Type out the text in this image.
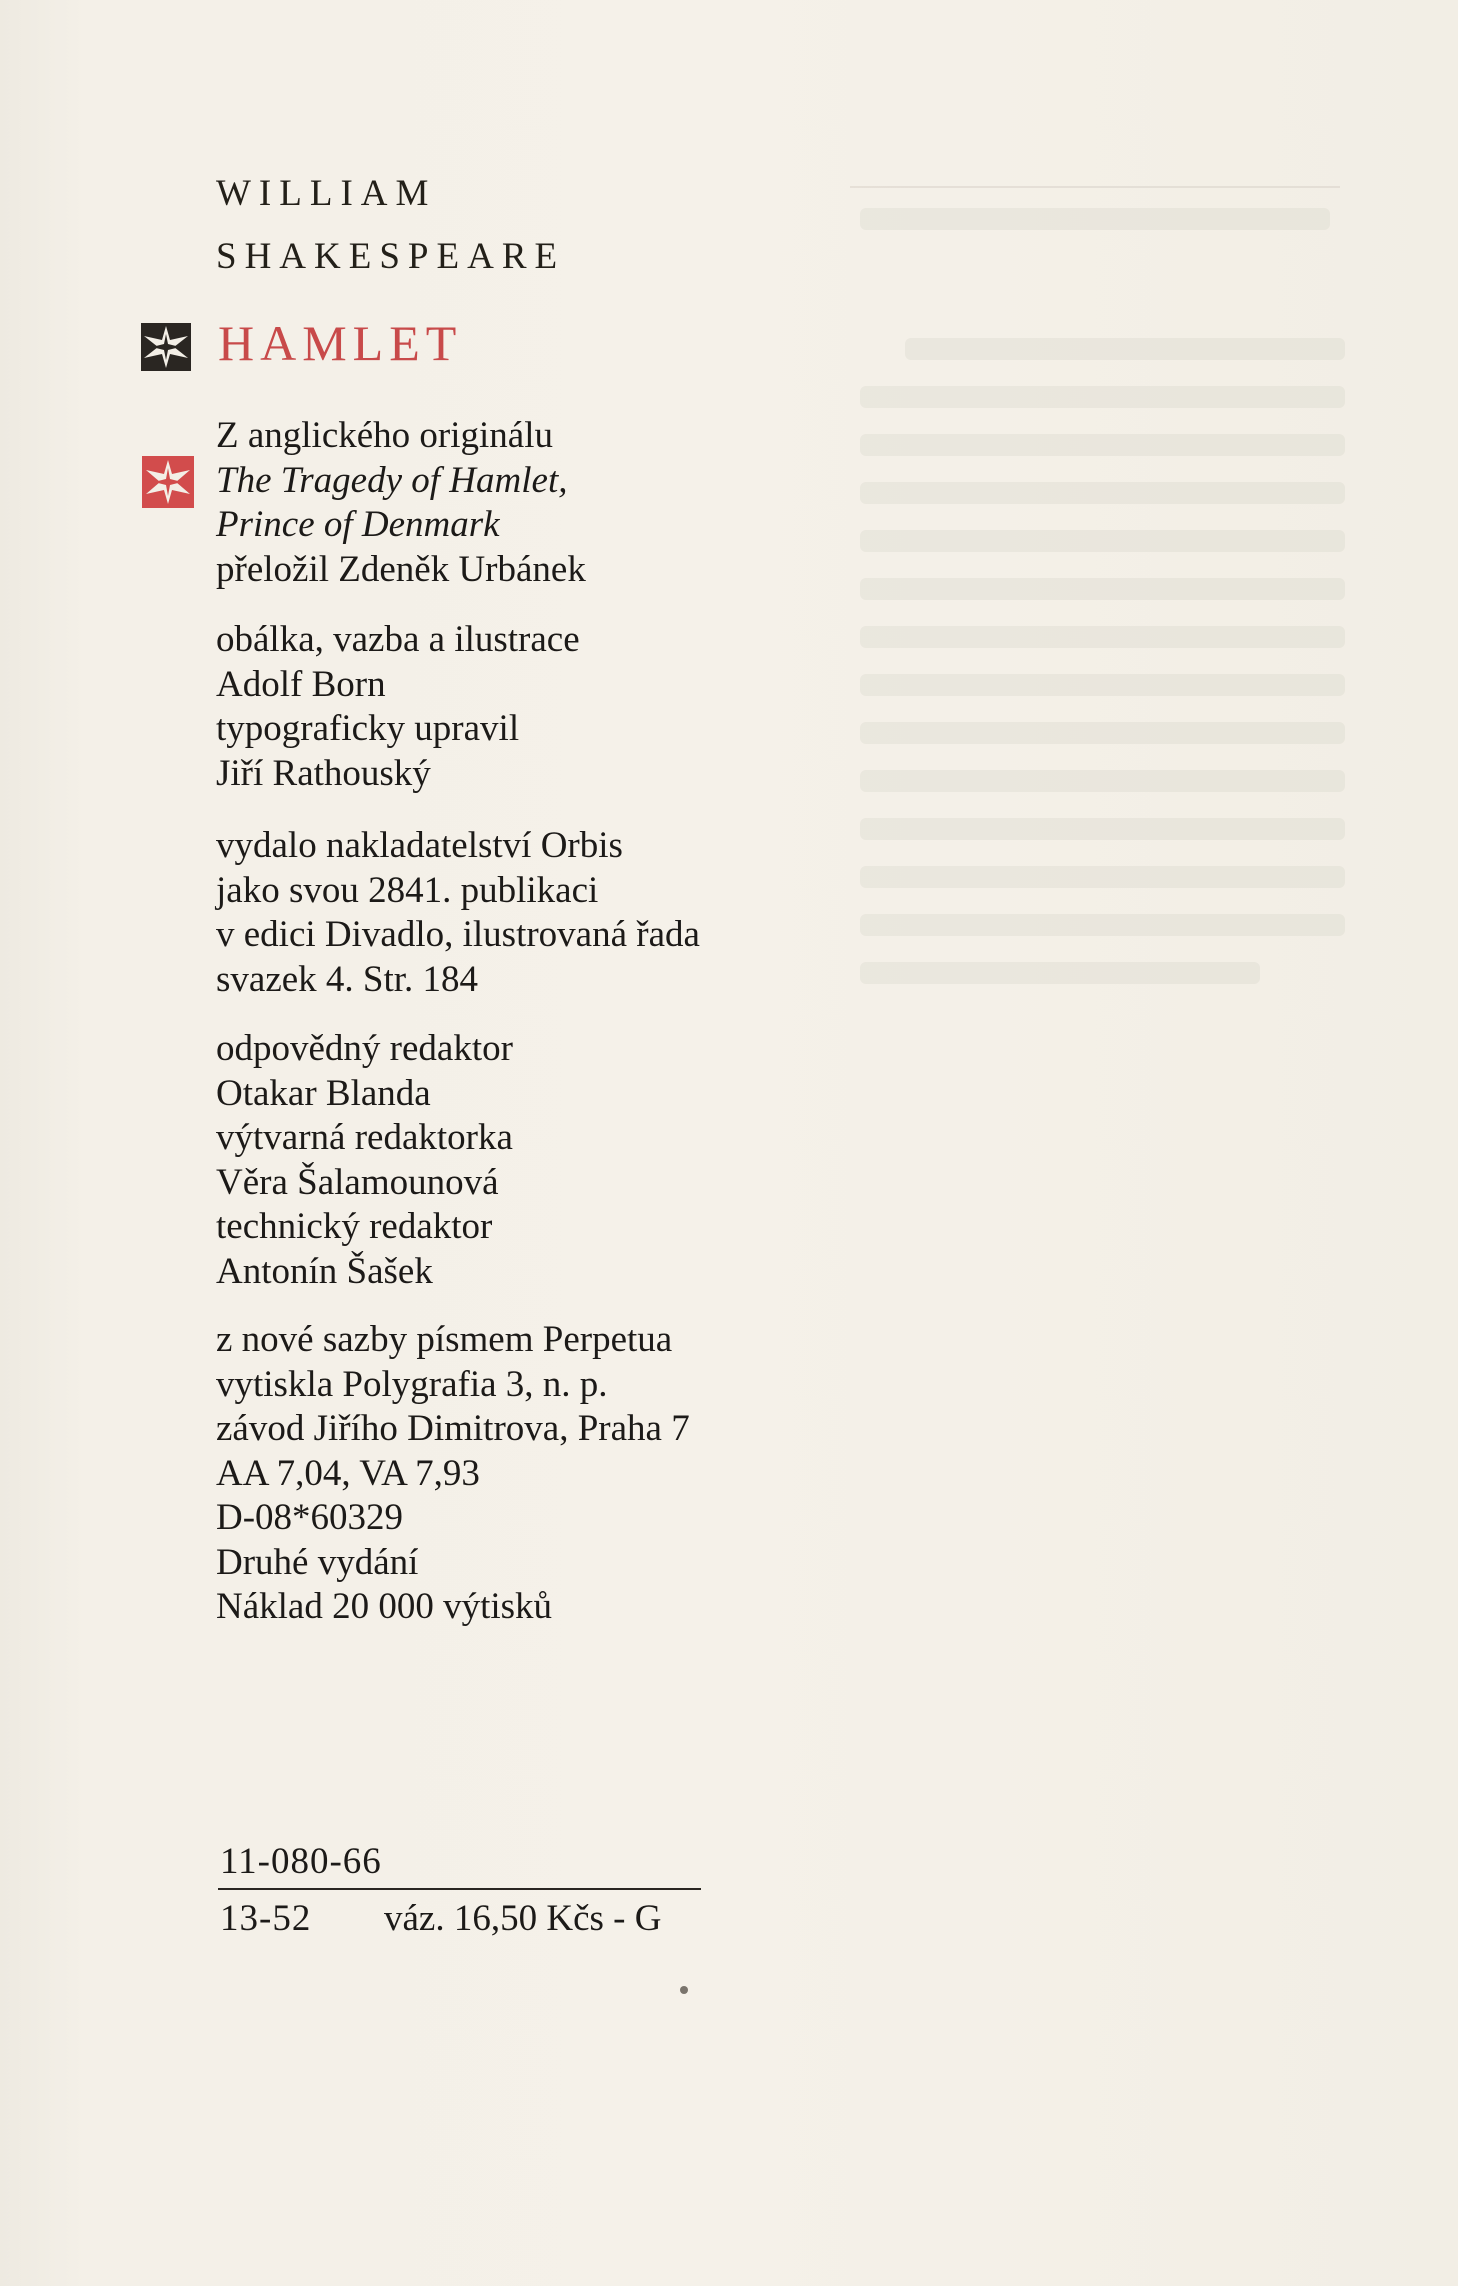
WILLIAM
SHAKESPEARE
HAMLET
Z anglického originálu
The Tragedy of Hamlet,
Prince of Denmark
přeložil Zdeněk Urbánek
obálka, vazba a ilustrace
Adolf Born
typograficky upravil
Jiří Rathouský
vydalo nakladatelství Orbis
jako svou 2841. publikaci
v edici Divadlo, ilustrovaná řada
svazek 4. Str. 184
odpovědný redaktor
Otakar Blanda
výtvarná redaktorka
Věra Šalamounová
technický redaktor
Antonín Šašek
z nové sazby písmem Perpetua
vytiskla Polygrafia 3, n. p.
závod Jiřího Dimitrova, Praha 7
AA 7,04, VA 7,93
D-08*60329
Druhé vydání
Náklad 20 000 výtisků
11-080-66
13-52 váz. 16,50 Kčs - G
